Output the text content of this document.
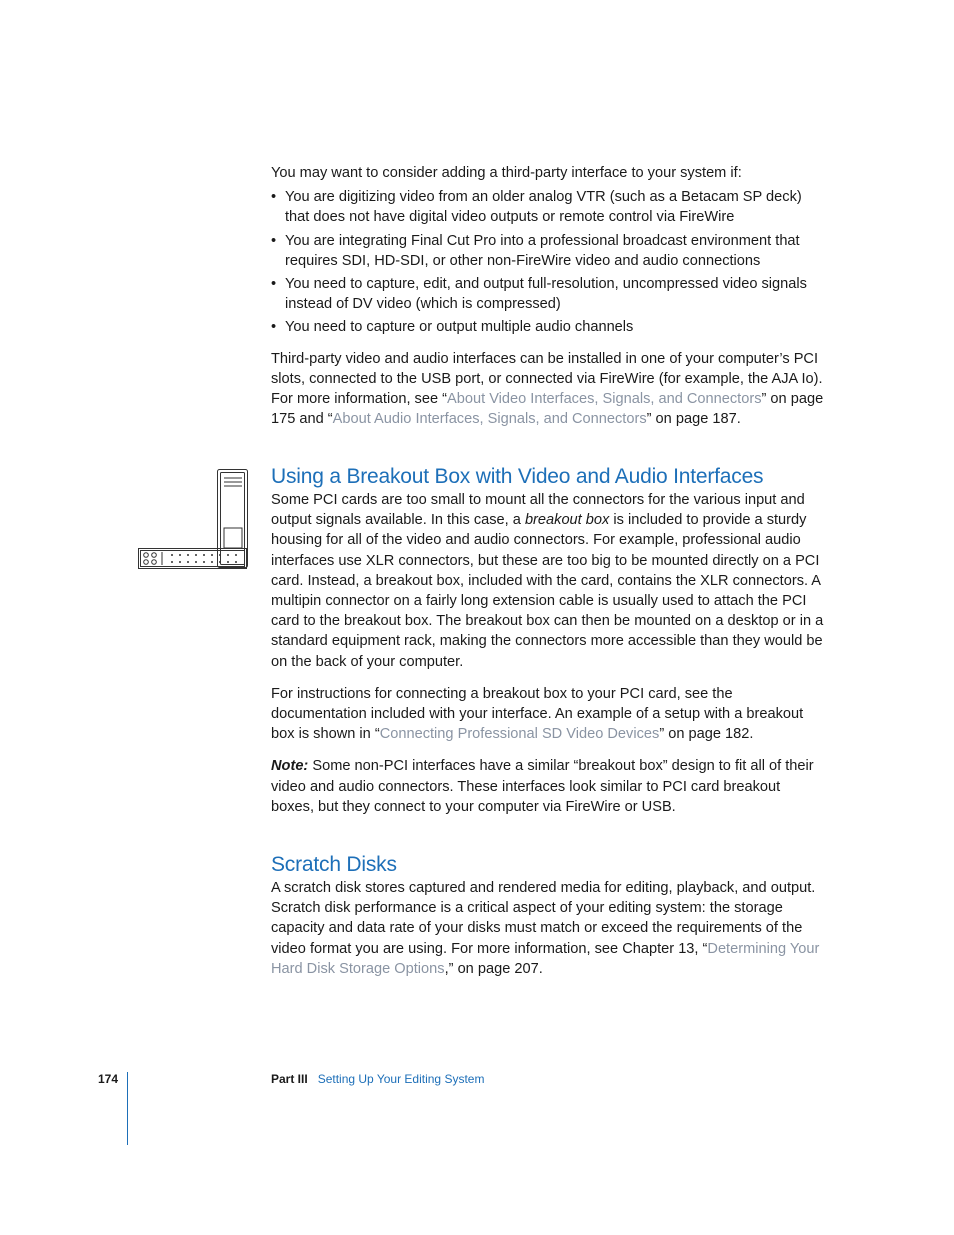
You may want to consider adding a third-party interface to your system if:

• You are digitizing video from an older analog VTR (such as a Betacam SP deck) that does not have digital video outputs or remote control via FireWire
• You are integrating Final Cut Pro into a professional broadcast environment that requires SDI, HD-SDI, or other non-FireWire video and audio connections
• You need to capture, edit, and output full-resolution, uncompressed video signals instead of DV video (which is compressed)
• You need to capture or output multiple audio channels

Third-party video and audio interfaces can be installed in one of your computer’s PCI slots, connected to the USB port, or connected via FireWire (for example, the AJA Io). For more information, see “About Video Interfaces, Signals, and Connectors” on page 175 and “About Audio Interfaces, Signals, and Connectors” on page 187.

Using a Breakout Box with Video and Audio Interfaces

Some PCI cards are too small to mount all the connectors for the various input and output signals available. In this case, a breakout box is included to provide a sturdy housing for all of the video and audio connectors. For example, professional audio interfaces use XLR connectors, but these are too big to be mounted directly on a PCI card. Instead, a breakout box, included with the card, contains the XLR connectors. A multipin connector on a fairly long extension cable is usually used to attach the PCI card to the breakout box. The breakout box can then be mounted on a desktop or in a standard equipment rack, making the connectors more accessible than they would be on the back of your computer.

For instructions for connecting a breakout box to your PCI card, see the documentation included with your interface. An example of a setup with a breakout box is shown in “Connecting Professional SD Video Devices” on page 182.

Note: Some non-PCI interfaces have a similar “breakout box” design to fit all of their video and audio connectors. These interfaces look similar to PCI card breakout boxes, but they connect to your computer via FireWire or USB.

Scratch Disks

A scratch disk stores captured and rendered media for editing, playback, and output. Scratch disk performance is a critical aspect of your editing system: the storage capacity and data rate of your disks must match or exceed the requirements of the video format you are using. For more information, see Chapter 13, “Determining Your Hard Disk Storage Options,” on page 207.

174	Part III Setting Up Your Editing System
